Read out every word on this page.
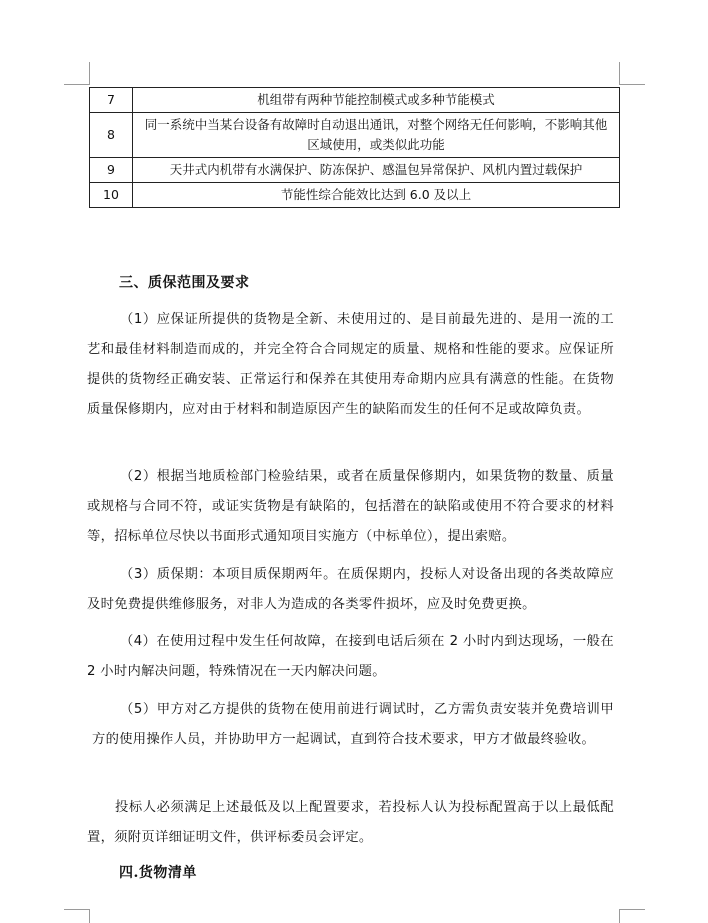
7	机组带有两种节能控制模式或多种节能模式
8	同一系统中当某台设备有故障时自动退出通讯，对整个网络无任何影响，不影响其他区域使用，或类似此功能
9	天井式内机带有水满保护、防冻保护、感温包异常保护、风机内置过载保护
10	节能性综合能效比达到 6.0 及以上
三、质保范围及要求

（1）应保证所提供的货物是全新、未使用过的、是目前最先进的、是用一流的工艺和最佳材料制造而成的，并完全符合合同规定的质量、规格和性能的要求。应保证所提供的货物经正确安装、正常运行和保养在其使用寿命期内应具有满意的性能。在货物质量保修期内，应对由于材料和制造原因产生的缺陷而发生的任何不足或故障负责。

（2）根据当地质检部门检验结果，或者在质量保修期内，如果货物的数量、质量或规格与合同不符，或证实货物是有缺陷的，包括潜在的缺陷或使用不符合要求的材料等，招标单位尽快以书面形式通知项目实施方（中标单位），提出索赔。

（3）质保期：本项目质保期两年。在质保期内，投标人对设备出现的各类故障应及时免费提供维修服务，对非人为造成的各类零件损坏，应及时免费更换。

（4）在使用过程中发生任何故障，在接到电话后须在 2 小时内到达现场，一般在 2 小时内解决问题，特殊情况在一天内解决问题。

（5）甲方对乙方提供的货物在使用前进行调试时，乙方需负责安装并免费培训甲方的使用操作人员，并协助甲方一起调试，直到符合技术要求，甲方才做最终验收。

投标人必须满足上述最低及以上配置要求，若投标人认为投标配置高于以上最低配置，须附页详细证明文件，供评标委员会评定。

四.货物清单
